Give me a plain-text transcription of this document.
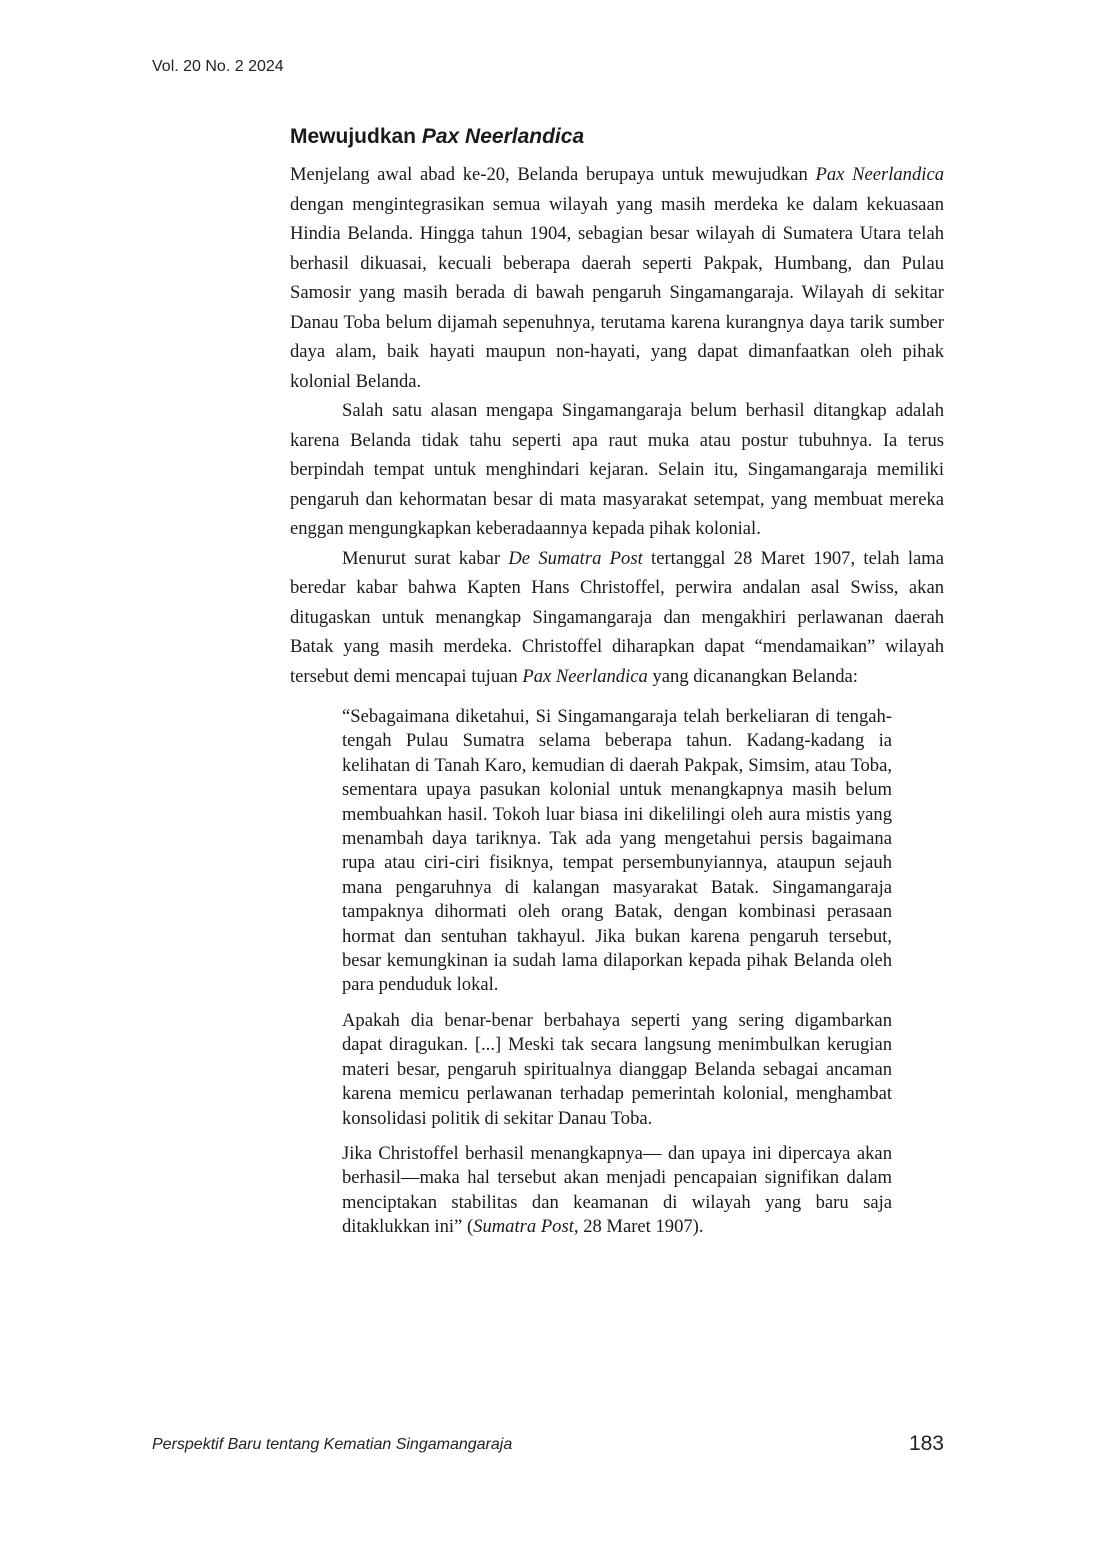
Vol. 20 No. 2 2024
Mewujudkan Pax Neerlandica

Menjelang awal abad ke-20, Belanda berupaya untuk mewujudkan Pax Neerlandica dengan mengintegrasikan semua wilayah yang masih merdeka ke dalam kekuasaan Hindia Belanda. Hingga tahun 1904, sebagian besar wilayah di Sumatera Utara telah berhasil dikuasai, kecuali beberapa daerah seperti Pakpak, Humbang, dan Pulau Samosir yang masih berada di bawah pengaruh Singamangaraja. Wilayah di sekitar Danau Toba belum dijamah sepenuhnya, terutama karena kurangnya daya tarik sumber daya alam, baik hayati maupun non-hayati, yang dapat dimanfaatkan oleh pihak kolonial Belanda.

Salah satu alasan mengapa Singamangaraja belum berhasil ditangkap adalah karena Belanda tidak tahu seperti apa raut muka atau postur tubuhnya. Ia terus berpindah tempat untuk menghindari kejaran. Selain itu, Singamangaraja memiliki pengaruh dan kehormatan besar di mata masyarakat setempat, yang membuat mereka enggan mengungkapkan keberadaannya kepada pihak kolonial.

Menurut surat kabar De Sumatra Post tertanggal 28 Maret 1907, telah lama beredar kabar bahwa Kapten Hans Christoffel, perwira andalan asal Swiss, akan ditugaskan untuk menangkap Singamangaraja dan mengakhiri perlawanan daerah Batak yang masih merdeka. Christoffel diharapkan dapat “mendamaikan” wilayah tersebut demi mencapai tujuan Pax Neerlandica yang dicanangkan Belanda:

“Sebagaimana diketahui, Si Singamangaraja telah berkeliaran di tengah-tengah Pulau Sumatra selama beberapa tahun. Kadang-kadang ia kelihatan di Tanah Karo, kemudian di daerah Pakpak, Simsim, atau Toba, sementara upaya pasukan kolonial untuk menangkapnya masih belum membuahkan hasil. Tokoh luar biasa ini dikelilingi oleh aura mistis yang menambah daya tariknya. Tak ada yang mengetahui persis bagaimana rupa atau ciri-ciri fisiknya, tempat persembunyiannya, ataupun sejauh mana pengaruhnya di kalangan masyarakat Batak. Singamangaraja tampaknya dihormati oleh orang Batak, dengan kombinasi perasaan hormat dan sentuhan takhayul. Jika bukan karena pengaruh tersebut, besar kemungkinan ia sudah lama dilaporkan kepada pihak Belanda oleh para penduduk lokal.

Apakah dia benar-benar berbahaya seperti yang sering digambarkan dapat diragukan. [...] Meski tak secara langsung menimbulkan kerugian materi besar, pengaruh spiritualnya dianggap Belanda sebagai ancaman karena memicu perlawanan terhadap pemerintah kolonial, menghambat konsolidasi politik di sekitar Danau Toba.

Jika Christoffel berhasil menangkapnya— dan upaya ini dipercaya akan berhasil—maka hal tersebut akan menjadi pencapaian signifikan dalam menciptakan stabilitas dan keamanan di wilayah yang baru saja ditaklukkan ini” (Sumatra Post, 28 Maret 1907).

Perspektif Baru tentang Kematian Singamangaraja	183
